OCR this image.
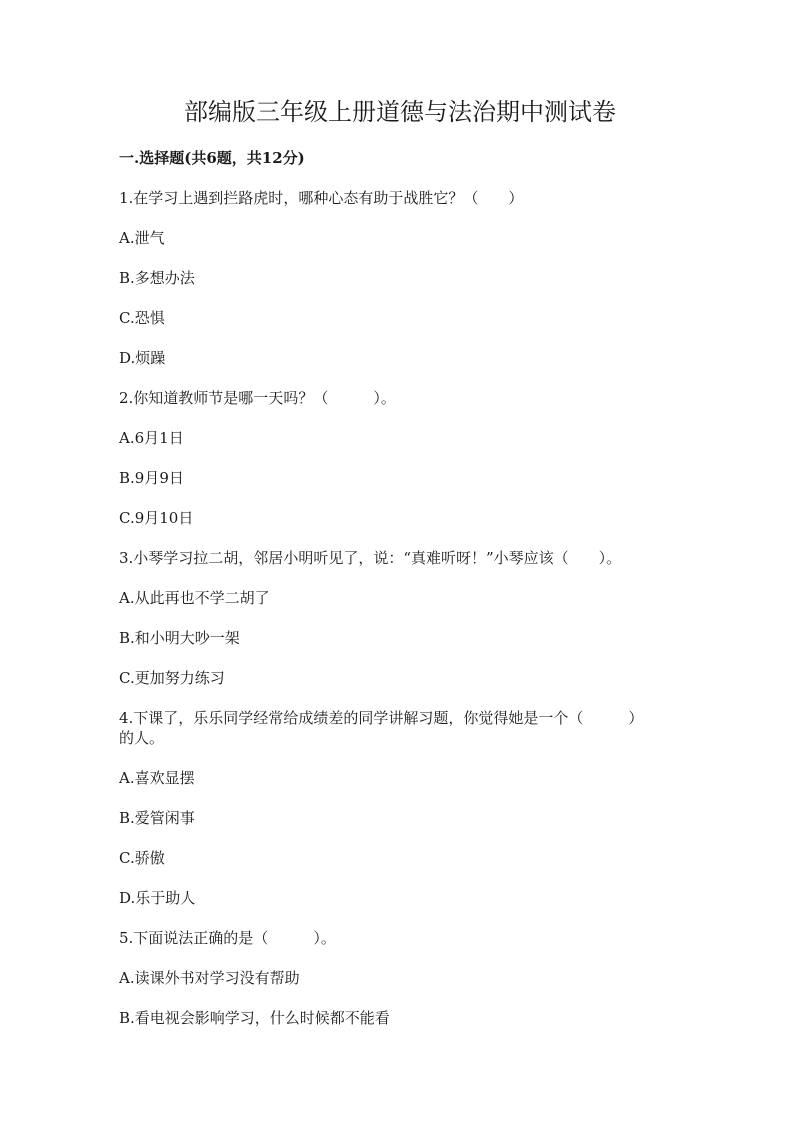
部编版三年级上册道德与法治期中测试卷
一.选择题(共6题，共12分)
1.在学习上遇到拦路虎时，哪种心态有助于战胜它？（　　）
A.泄气
B.多想办法
C.恐惧
D.烦躁
2.你知道教师节是哪一天吗？（　　　）。
A.6月1日
B.9月9日
C.9月10日
3.小琴学习拉二胡，邻居小明听见了，说：“真难听呀！”小琴应该（　　）。
A.从此再也不学二胡了
B.和小明大吵一架
C.更加努力练习
4.下课了，乐乐同学经常给成绩差的同学讲解习题，你觉得她是一个（　　　）
的人。
A.喜欢显摆
B.爱管闲事
C.骄傲
D.乐于助人
5.下面说法正确的是（　　　）。
A.读课外书对学习没有帮助
B.看电视会影响学习，什么时候都不能看
